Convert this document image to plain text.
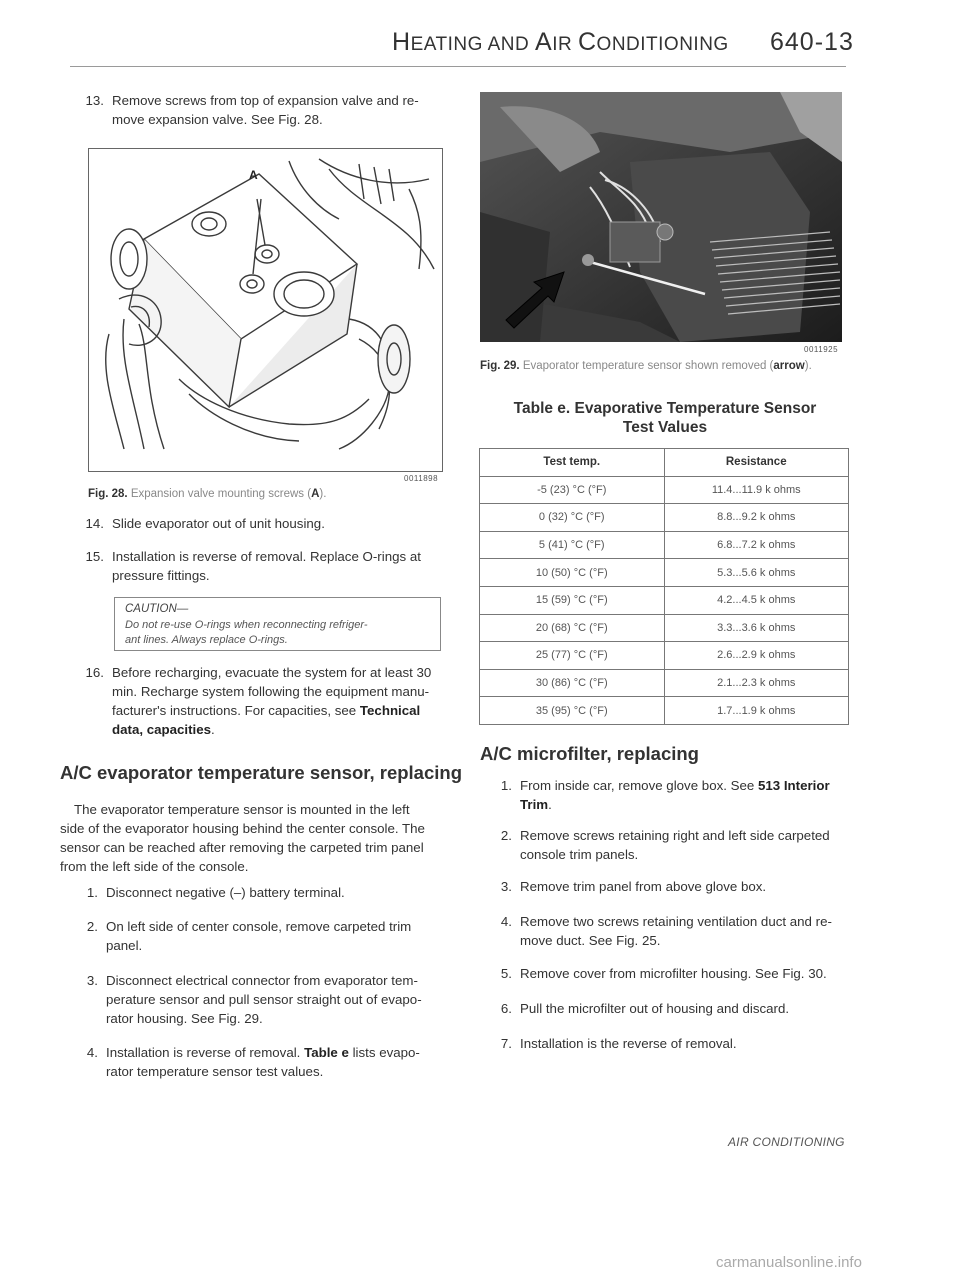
HEATING AND AIR CONDITIONING 640-13
13. Remove screws from top of expansion valve and re-
move expansion valve. See Fig. 28.
A
0011898
Fig. 28. Expansion valve mounting screws (A).
14. Slide evaporator out of unit housing.
15. Installation is reverse of removal. Replace O-rings at
pressure fittings.
CAUTION—
Do not re-use O-rings when reconnecting refriger-
ant lines. Always replace O-rings.
16. Before recharging, evacuate the system for at least 30
min. Recharge system following the equipment manu-
facturer's instructions. For capacities, see Technical
data, capacities.
A/C evaporator temperature sensor, replacing
The evaporator temperature sensor is mounted in the left
side of the evaporator housing behind the center console. The
sensor can be reached after removing the carpeted trim panel
from the left side of the console.
1. Disconnect negative (–) battery terminal.
2. On left side of center console, remove carpeted trim
panel.
3. Disconnect electrical connector from evaporator tem-
perature sensor and pull sensor straight out of evapo-
rator housing. See Fig. 29.
4. Installation is reverse of removal. Table e lists evapo-
rator temperature sensor test values.
0011925
Fig. 29. Evaporator temperature sensor shown removed (arrow).
Table e. Evaporative Temperature Sensor
Test Values
Test temp.	Resistance
-5 (23) °C (°F)	11.4...11.9 k ohms
0 (32) °C (°F)	8.8...9.2 k ohms
5 (41) °C (°F)	6.8...7.2 k ohms
10 (50) °C (°F)	5.3...5.6 k ohms
15 (59) °C (°F)	4.2...4.5 k ohms
20 (68) °C (°F)	3.3...3.6 k ohms
25 (77) °C (°F)	2.6...2.9 k ohms
30 (86) °C (°F)	2.1...2.3 k ohms
35 (95) °C (°F)	1.7...1.9 k ohms
A/C microfilter, replacing
1. From inside car, remove glove box. See 513 Interior
Trim.
2. Remove screws retaining right and left side carpeted
console trim panels.
3. Remove trim panel from above glove box.
4. Remove two screws retaining ventilation duct and re-
move duct. See Fig. 25.
5. Remove cover from microfilter housing. See Fig. 30.
6. Pull the microfilter out of housing and discard.
7. Installation is the reverse of removal.
AIR CONDITIONING
carmanualsonline.info
